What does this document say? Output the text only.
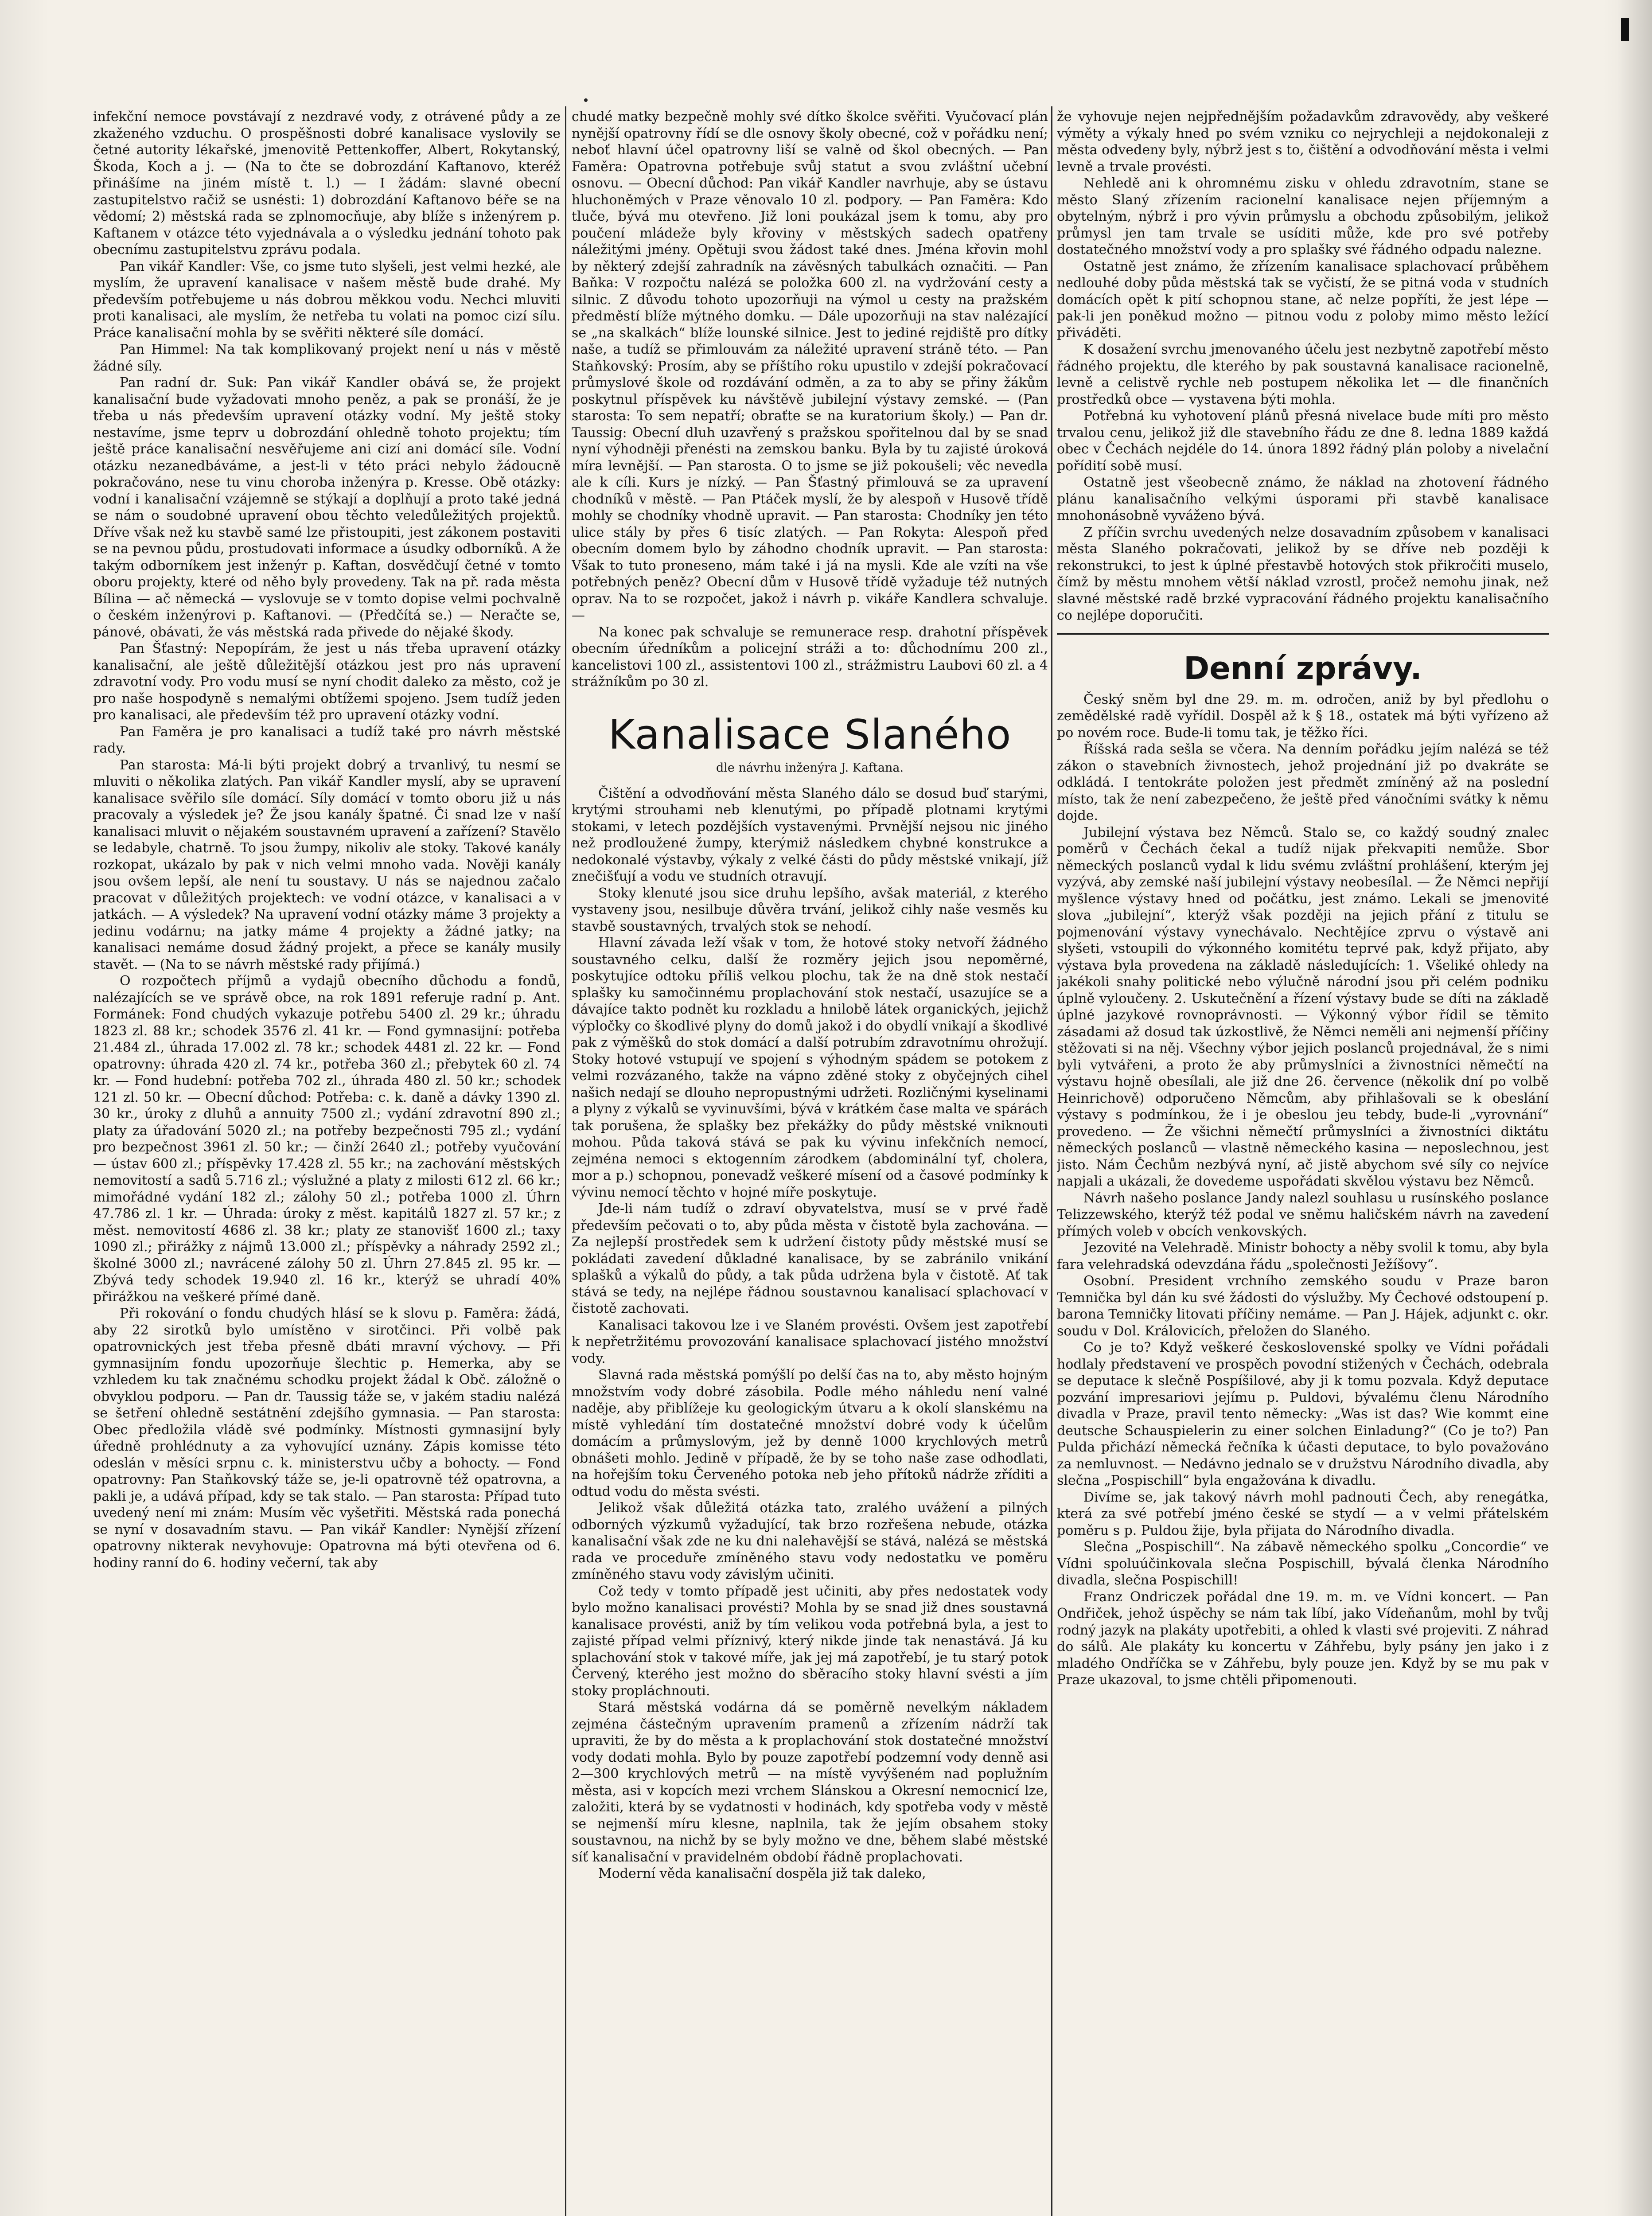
infekční nemoce povstávají z nezdravé vody, z otrávené půdy a ze zkaženého vzduchu. O prospěšnosti dobré kanalisace vyslovily se četné autority lékařské, jmenovitě Pettenkoffer, Albert, Rokytanský, Škoda, Koch a j. — (Na to čte se dobrozdání Kaftanovo, kteréž přinášíme na jiném místě t. l.) — I žádám: slavné obecní zastupitelstvo račiž se usnésti: 1) dobrozdání Kaftanovo béře se na vědomí; 2) městská rada se zplnomocňuje, aby blíže s inženýrem p. Kaftanem v otázce této vyjednávala a o výsledku jednání tohoto pak obecnímu zastupitelstvu zprávu podala.
Pan vikář Kandler: Vše, co jsme tuto slyšeli, jest velmi hezké, ale myslím, že upravení kanalisace v našem městě bude drahé. My především potřebujeme u nás dobrou měkkou vodu. Nechci mluviti proti kanalisaci, ale myslím, že netřeba tu volati na pomoc cizí sílu. Práce kanalisační mohla by se svěřiti některé síle domácí.
Pan Himmel: Na tak komplikovaný projekt není u nás v městě žádné síly.
Pan radní dr. Suk: Pan vikář Kandler obává se, že projekt kanalisační bude vyžadovati mnoho peněz, a pak se pronáší, že je třeba u nás především upravení otázky vodní. My ještě stoky nestavíme, jsme teprv u dobrozdání ohledně tohoto projektu; tím ještě práce kanalisační nesvěřujeme ani cizí ani domácí síle. Vodní otázku nezanedbáváme, a jest-li v této práci nebylo žádoucně pokračováno, nese tu vinu choroba inženýra p. Kresse. Obě otázky: vodní i kanalisační vzájemně se stýkají a doplňují a proto také jedná se nám o soudobné upravení obou těchto veledůležitých projektů. Dříve však než ku stavbě samé lze přistoupiti, jest zákonem postaviti se na pevnou půdu, prostudovati informace a úsudky odborníků. A že takým odborníkem jest inženýr p. Kaftan, dosvědčují četné v tomto oboru projekty, které od něho byly provedeny. Tak na př. rada města Bílina — ač německá — vyslovuje se v tomto dopise velmi pochvalně o českém inženýrovi p. Kaftanovi. — (Předčítá se.) — Neračte se, pánové, obávati, že vás městská rada přivede do nějaké škody.
Pan Šťastný: Nepopírám, že jest u nás třeba upravení otázky kanalisační, ale ještě důležitější otázkou jest pro nás upravení zdravotní vody. Pro vodu musí se nyní chodit daleko za město, což je pro naše hospodyně s nemalými obtížemi spojeno. Jsem tudíž jeden pro kanalisaci, ale především též pro upravení otázky vodní.
Pan Faměra je pro kanalisaci a tudíž také pro návrh městské rady.
Pan starosta: Má-li býti projekt dobrý a trvanlivý, tu nesmí se mluviti o několika zlatých. Pan vikář Kandler myslí, aby se upravení kanalisace svěřilo síle domácí. Síly domácí v tomto oboru již u nás pracovaly a výsledek je? Že jsou kanály špatné. Či snad lze v naší kanalisaci mluvit o nějakém soustavném upravení a zařízení? Stavělo se ledabyle, chatrně. To jsou žumpy, nikoliv ale stoky. Takové kanály rozkopat, ukázalo by pak v nich velmi mnoho vada. Nověji kanály jsou ovšem lepší, ale není tu soustavy. U nás se najednou začalo pracovat v důležitých projektech: ve vodní otázce, v kanalisaci a v jatkách. — A výsledek? Na upravení vodní otázky máme 3 projekty a jedinu vodárnu; na jatky máme 4 projekty a žádné jatky; na kanalisaci nemáme dosud žádný projekt, a přece se kanály musily stavět. — (Na to se návrh městské rady přijímá.)
O rozpočtech příjmů a vydajů obecního důchodu a fondů, nalézajících se ve správě obce, na rok 1891 referuje radní p. Ant. Formánek: Fond chudých vykazuje potřebu 5400 zl. 29 kr.; úhradu 1823 zl. 88 kr.; schodek 3576 zl. 41 kr. — Fond gymnasijní: potřeba 21.484 zl., úhrada 17.002 zl. 78 kr.; schodek 4481 zl. 22 kr. — Fond opatrovny: úhrada 420 zl. 74 kr., potřeba 360 zl.; přebytek 60 zl. 74 kr. — Fond hudební: potřeba 702 zl., úhrada 480 zl. 50 kr.; schodek 121 zl. 50 kr. — Obecní důchod: Potřeba: c. k. daně a dávky 1390 zl. 30 kr., úroky z dluhů a annuity 7500 zl.; vydání zdravotní 890 zl.; platy za úřadování 5020 zl.; na potřeby bezpečnosti 795 zl.; vydání pro bezpečnost 3961 zl. 50 kr.; — činží 2640 zl.; potřeby vyučování — ústav 600 zl.; příspěvky 17.428 zl. 55 kr.; na zachování městských nemovitostí a sadů 5.716 zl.; výslužné a platy z milosti 612 zl. 66 kr.; mimořádné vydání 182 zl.; zálohy 50 zl.; potřeba 1000 zl. Úhrn 47.786 zl. 1 kr. — Úhrada: úroky z měst. kapitálů 1827 zl. 57 kr.; z měst. nemovitostí 4686 zl. 38 kr.; platy ze stanovišť 1600 zl.; taxy 1090 zl.; přirážky z nájmů 13.000 zl.; příspěvky a náhrady 2592 zl.; školné 3000 zl.; navrácené zálohy 50 zl. Úhrn 27.845 zl. 95 kr. — Zbývá tedy schodek 19.940 zl. 16 kr., kterýž se uhradí 40% přirážkou na veškeré přímé daně.
Při rokování o fondu chudých hlásí se k slovu p. Faměra: žádá, aby 22 sirotků bylo umístěno v sirotčinci. Při volbě pak opatrovnických jest třeba přesně dbáti mravní výchovy. — Při gymnasijním fondu upozorňuje šlechtic p. Hemerka, aby se vzhledem ku tak značnému schodku projekt žádal k Obč. záložně o obvyklou podporu. — Pan dr. Taussig táže se, v jakém stadiu nalézá se šetření ohledně sestátnění zdejšího gymnasia. — Pan starosta: Obec předložila vládě své podmínky. Místnosti gymnasijní byly úředně prohlédnuty a za vyhovující uznány. Zápis komisse této odeslán v měsíci srpnu c. k. ministerstvu učby a bohocty. — Fond opatrovny: Pan Staňkovský táže se, je-li opatrovně též opatrovna, a pakli je, a udává případ, kdy se tak stalo. — Pan starosta: Případ tuto uvedený není mi znám: Musím věc vyšetřiti. Městská rada ponechá se nyní v dosavadním stavu. — Pan vikář Kandler: Nynější zřízení opatrovny nikterak nevyhovuje: Opatrovna má býti otevřena od 6. hodiny ranní do 6. hodiny večerní, tak aby
chudé matky bezpečně mohly své dítko školce svěřiti. Vyučovací plán nynější opatrovny řídí se dle osnovy školy obecné, což v pořádku není; neboť hlavní účel opatrovny liší se valně od škol obecných. — Pan Faměra: Opatrovna potřebuje svůj statut a svou zvláštní učební osnovu. — Obecní důchod: Pan vikář Kandler navrhuje, aby se ústavu hluchoněmých v Praze věnovalo 10 zl. podpory. — Pan Faměra: Kdo tluče, bývá mu otevřeno. Již loni poukázal jsem k tomu, aby pro poučení mládeže byly křoviny v městských sadech opatřeny náležitými jmény. Opětuji svou žádost také dnes. Jména křovin mohl by některý zdejší zahradník na závěsných tabulkách označiti. — Pan Baňka: V rozpočtu nalézá se položka 600 zl. na vydržování cesty a silnic. Z důvodu tohoto upozorňuji na výmol u cesty na pražském předměstí blíže mýtného domku. — Dále upozorňuji na stav nalézající se „na skalkách“ blíže lounské silnice. Jest to jediné rejdiště pro dítky naše, a tudíž se přimlouvám za náležité upravení stráně této. — Pan Staňkovský: Prosím, aby se příštího roku upustilo v zdejší pokračovací průmyslové škole od rozdávání odměn, a za to aby se přiny žákům poskytnul příspěvek ku návštěvě jubilejní výstavy zemské. — (Pan starosta: To sem nepatří; obraťte se na kuratorium školy.) — Pan dr. Taussig: Obecní dluh uzavřený s pražskou spořitelnou dal by se snad nyní výhodněji přenésti na zemskou banku. Byla by tu zajisté úroková míra levnější. — Pan starosta. O to jsme se již pokoušeli; věc nevedla ale k cíli. Kurs je nízký. — Pan Šťastný přimlouvá se za upravení chodníků v městě. — Pan Ptáček myslí, že by alespoň v Husově třídě mohly se chodníky vhodně upravit. — Pan starosta: Chodníky jen této ulice stály by přes 6 tisíc zlatých. — Pan Rokyta: Alespoň před obecním domem bylo by záhodno chodník upravit. — Pan starosta: Však to tuto proneseno, mám také i já na mysli. Kde ale vzíti na vše potřebných peněz? Obecní dům v Husově třídě vyžaduje též nutných oprav. Na to se rozpočet, jakož i návrh p. vikáře Kandlera schvaluje. —
Na konec pak schvaluje se remunerace resp. drahotní příspěvek obecním úředníkům a policejní stráži a to: důchodnímu 200 zl., kancelistovi 100 zl., assistentovi 100 zl., strážmistru Laubovi 60 zl. a 4 strážníkům po 30 zl.
Kanalisace Slaného
dle návrhu inženýra J. Kaftana.
Čištění a odvodňování města Slaného dálo se dosud buď starými, krytými strouhami neb klenutými, po případě plotnami krytými stokami, v letech pozdějších vystavenými. Prvnější nejsou nic jiného než prodloužené žumpy, kterýmiž následkem chybné konstrukce a nedokonalé výstavby, výkaly z velké části do půdy městské vnikají, jíž znečišťují a vodu ve studních otravují.
Stoky klenuté jsou sice druhu lepšího, avšak materiál, z kterého vystaveny jsou, nesilbuje důvěra trvání, jelikož cihly naše vesměs ku stavbě soustavných, trvalých stok se nehodí.
Hlavní závada leží však v tom, že hotové stoky netvoří žádného soustavného celku, další že rozměry jejich jsou nepoměrné, poskytujíce odtoku příliš velkou plochu, tak že na dně stok nestačí splašky ku samočinnému proplachování stok nestačí, usazujíce se a dávajíce takto podnět ku rozkladu a hnilobě látek organických, jejichž výpločky co škodlivé plyny do domů jakož i do obydlí vnikají a škodlivé pak z výměšků do stok domácí a další potrubím zdravotnímu ohrožují. Stoky hotové vstupují ve spojení s výhodným spádem se potokem z velmi rozvázaného, takže na vápno zděné stoky z obyčejných cihel našich nedají se dlouho nepropustnými udržeti. Rozličnými kyselinami a plyny z výkalů se vyvinuvšími, bývá v krátkém čase malta ve spárách tak porušena, že splašky bez překážky do půdy městské vniknouti mohou. Půda taková stává se pak ku vývinu infekčních nemocí, zejména nemoci s ektogenním zárodkem (abdominální tyf, cholera, mor a p.) schopnou, ponevadž veškeré mísení od a časové podmínky k vývinu nemocí těchto v hojné míře poskytuje.
Jde-li nám tudíž o zdraví obyvatelstva, musí se v prvé řadě především pečovati o to, aby půda města v čistotě byla zachována. — Za nejlepší prostředek sem k udržení čistoty půdy městské musí se pokládati zavedení důkladné kanalisace, by se zabránilo vnikání splašků a výkalů do půdy, a tak půda udržena byla v čistotě. Ať tak stává se tedy, na nejlépe řádnou soustavnou kanalisací splachovací v čistotě zachovati.
Kanalisaci takovou lze i ve Slaném provésti. Ovšem jest zapotřebí k nepřetržitému provozování kanalisace splachovací jistého množství vody.
Slavná rada městská pomýšlí po delší čas na to, aby město hojným množstvím vody dobré zásobila. Podle mého náhledu není valné naděje, aby přiblížeje ku geologickým útvaru a k okolí slanskému na místě vyhledání tím dostatečné množství dobré vody k účelům domácím a průmyslovým, jež by denně 1000 krychlových metrů obnášeti mohlo. Jedině v případě, že by se toho naše zase odhodlati, na hořejším toku Červeného potoka neb jeho přítoků nádrže zříditi a odtud vodu do města svésti.
Jelikož však důležitá otázka tato, zralého uvážení a pilných odborných výzkumů vyžadující, tak brzo rozřešena nebude, otázka kanalisační však zde ne ku dni nalehavější se stává, nalézá se městská rada ve proceduře zmíněného stavu vody nedostatku ve poměru zmíněného stavu vody závislým učiniti.
Což tedy v tomto případě jest učiniti, aby přes nedostatek vody bylo možno kanalisaci provésti? Mohla by se snad již dnes soustavná kanalisace provésti, aniž by tím velikou voda potřebná byla, a jest to zajisté případ velmi příznivý, který nikde jinde tak nenastává. Já ku splachování stok v takové míře, jak jej má zapotřebí, je tu starý potok Červený, kterého jest možno do sběracího stoky hlavní svésti a jím stoky propláchnouti.
Stará městská vodárna dá se poměrně nevelkým nákladem zejména částečným upravením pramenů a zřízením nádrží tak upraviti, že by do města a k proplachování stok dostatečné množství vody dodati mohla. Bylo by pouze zapotřebí podzemní vody denně asi 2—300 krychlových metrů — na místě vyvýšeném nad poplužním města, asi v kopcích mezi vrchem Slánskou a Okresní nemocnicí lze, založiti, která by se vydatnosti v hodinách, kdy spotřeba vody v městě se nejmenší míru klesne, naplnila, tak že jejím obsahem stoky soustavnou, na nichž by se byly možno ve dne, během slabé městské síť kanalisační v pravidelném období řádně proplachovati.
Moderní věda kanalisační dospěla již tak daleko,
že vyhovuje nejen nejpřednějším požadavkům zdravovědy, aby veškeré výměty a výkaly hned po svém vzniku co nejrychleji a nejdokonaleji z města odvedeny byly, nýbrž jest s to, čištění a odvodňování města i velmi levně a trvale provésti.
Nehledě ani k ohromnému zisku v ohledu zdravotním, stane se město Slaný zřízením racionelní kanalisace nejen příjemným a obytelným, nýbrž i pro vývin průmyslu a obchodu způsobilým, jelikož průmysl jen tam trvale se usíditi může, kde pro své potřeby dostatečného množství vody a pro splašky své řádného odpadu nalezne.
Ostatně jest známo, že zřízením kanalisace splachovací průběhem nedlouhé doby půda městská tak se vyčistí, že se pitná voda v studních domácích opět k pití schopnou stane, ač nelze popříti, že jest lépe — pak-li jen poněkud možno — pitnou vodu z poloby mimo město ležící přiváděti.
K dosažení svrchu jmenovaného účelu jest nezbytně zapotřebí město řádného projektu, dle kterého by pak soustavná kanalisace racionelně, levně a celistvě rychle neb postupem několika let — dle finančních prostředků obce — vystavena býti mohla.
Potřebná ku vyhotovení plánů přesná nivelace bude míti pro město trvalou cenu, jelikož již dle stavebního řádu ze dne 8. ledna 1889 každá obec v Čechách nejdéle do 14. února 1892 řádný plán poloby a nivelační pořídití sobě musí.
Ostatně jest všeobecně známo, že náklad na zhotovení řádného plánu kanalisačního velkými úsporami při stavbě kanalisace mnohonásobně vyváženo bývá.
Z příčin svrchu uvedených nelze dosavadním způsobem v kanalisaci města Slaného pokračovati, jelikož by se dříve neb později k rekonstrukci, to jest k úplné přestavbě hotových stok přikročiti muselo, čímž by městu mnohem větší náklad vzrostl, pročež nemohu jinak, než slavné městské radě brzké vypracování řádného projektu kanalisačního co nejlépe doporučiti.
Denní zprávy.
Český sněm byl dne 29. m. m. odročen, aniž by byl předlohu o zemědělské radě vyřídil. Dospěl až k § 18., ostatek má býti vyřízeno až po novém roce. Bude-li tomu tak, je těžko říci.
Říšská rada sešla se včera. Na denním pořádku jejím nalézá se též zákon o stavebních živnostech, jehož projednání již po dvakráte se odkládá. I tentokráte položen jest předmět zmíněný až na poslední místo, tak že není zabezpečeno, že ještě před vánočními svátky k němu dojde.
Jubilejní výstava bez Němců. Stalo se, co každý soudný znalec poměrů v Čechách čekal a tudíž nijak překvapiti nemůže. Sbor německých poslanců vydal k lidu svému zvláštní prohlášení, kterým jej vyzývá, aby zemské naší jubilejní výstavy neobesílal. — Že Němci nepřijí myšlence výstavy hned od počátku, jest známo. Lekali se jmenovité slova „jubilejní“, kterýž však později na jejich přání z titulu se pojmenování výstavy vynechávalo. Nechtějíce zprvu o výstavě ani slyšeti, vstoupili do výkonného komitétu teprvé pak, když přijato, aby výstava byla provedena na základě následujících: 1. Všeliké ohledy na jakékoli snahy politické nebo výlučně národní jsou při celém podniku úplně vyloučeny. 2. Uskutečnění a řízení výstavy bude se díti na základě úplné jazykové rovnoprávnosti. — Výkonný výbor řídil se těmito zásadami až dosud tak úzkostlivě, že Němci neměli ani nejmenší příčiny stěžovati si na něj. Všechny výbor jejich poslanců projednával, že s nimi byli vytvářeni, a proto že aby průmyslníci a živnostníci němečtí na výstavu hojně obesílali, ale již dne 26. července (několik dní po volbě Heinrichově) odporučeno Němcům, aby přihlašovali se k obeslání výstavy s podmínkou, že i je obeslou jeu tebdy, bude-li „vyrovnání“ provedeno. — Že všichni němečtí průmyslníci a živnostníci diktátu německých poslanců — vlastně německého kasina — neposlechnou, jest jisto. Nám Čechům nezbývá nyní, ač jistě abychom své síly co nejvíce napjali a ukázali, že dovedeme uspořádati skvělou výstavu bez Němců.
Návrh našeho poslance Jandy nalezl souhlasu u rusínského poslance Telizzewského, kterýž též podal ve sněmu haličském návrh na zavedení přímých voleb v obcích venkovských.
Jezovité na Velehradě. Ministr bohocty a něby svolil k tomu, aby byla fara velehradská odevzdána řádu „společnosti Ježíšovy“.
Osobní. President vrchního zemského soudu v Praze baron Temnička byl dán ku své žádosti do výslužby. My Čechové odstoupení p. barona Temničky litovati příčiny nemáme. — Pan J. Hájek, adjunkt c. okr. soudu v Dol. Královicích, přeložen do Slaného.
Co je to? Když veškeré československé spolky ve Vídni pořádali hodlaly představení ve prospěch povodní stižených v Čechách, odebrala se deputace k slečně Pospíšilové, aby ji k tomu pozvala. Když deputace pozvání impresariovi jejímu p. Puldovi, bývalému členu Národního divadla v Praze, pravil tento německy: „Was ist das? Wie kommt eine deutsche Schauspielerin zu einer solchen Einladung?“ (Co je to?) Pan Pulda přichází německá řečníka k účasti deputace, to bylo považováno za nemluvnost. — Nedávno jednalo se v družstvu Národního divadla, aby slečna „Pospischill“ byla engažována k divadlu.
Divíme se, jak takový návrh mohl padnouti Čech, aby renegátka, která za své potřebí jméno české se stydí — a v velmi přátelském poměru s p. Puldou žije, byla přijata do Národního divadla.
Slečna „Pospischill“. Na zábavě německého spolku „Concordie“ ve Vídni spoluúčinkovala slečna Pospischill, bývalá členka Národního divadla, slečna Pospischill!
Franz Ondriczek pořádal dne 19. m. m. ve Vídni koncert. — Pan Ondřiček, jehož úspěchy se nám tak líbí, jako Vídeňanům, mohl by tvůj rodný jazyk na plakáty upotřebiti, a ohled k vlasti své projeviti. Z náhrad do sálů. Ale plakáty ku koncertu v Záhřebu, byly psány jen jako i z mladého Ondříčka se v Záhřebu, byly pouze jen. Když by se mu pak v Praze ukazoval, to jsme chtěli připomenouti.
